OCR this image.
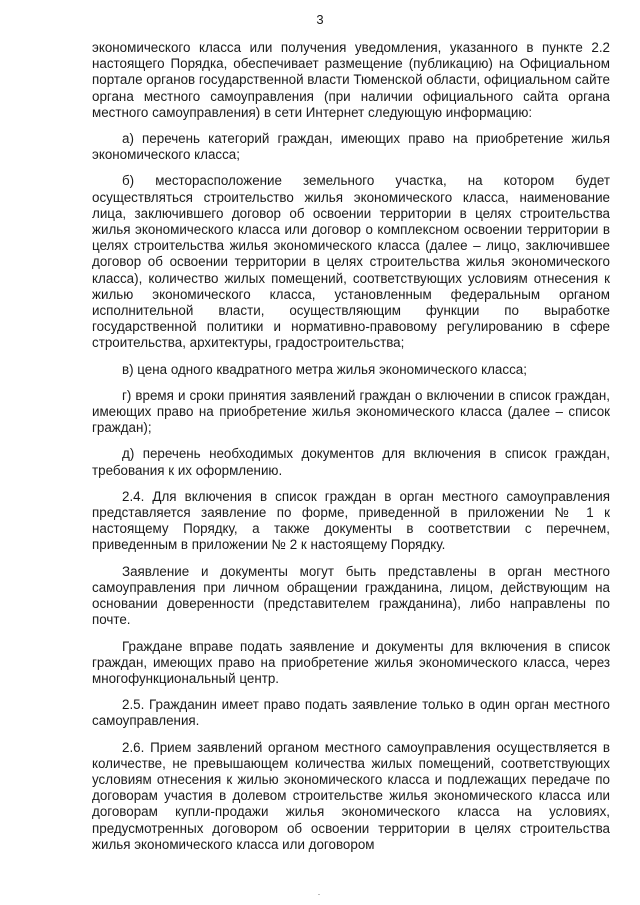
3

экономического класса или получения уведомления, указанного в пункте 2.2 настоящего Порядка, обеспечивает размещение (публикацию) на Официальном портале органов государственной власти Тюменской области, официальном сайте органа местного самоуправления (при наличии официального сайта органа местного самоуправления) в сети Интернет следующую информацию:

а) перечень категорий граждан, имеющих право на приобретение жилья экономического класса;

б) месторасположение земельного участка, на котором будет осуществляться строительство жилья экономического класса, наименование лица, заключившего договор об освоении территории в целях строительства жилья экономического класса или договор о комплексном освоении территории в целях строительства жилья экономического класса (далее – лицо, заключившее договор об освоении территории в целях строительства жилья экономического класса), количество жилых помещений, соответствующих условиям отнесения к жилью экономического класса, установленным федеральным органом исполнительной власти, осуществляющим функции по выработке государственной политики и нормативно-правовому регулированию в сфере строительства, архитектуры, градостроительства;

в) цена одного квадратного метра жилья экономического класса;

г) время и сроки принятия заявлений граждан о включении в список граждан, имеющих право на приобретение жилья экономического класса (далее – список граждан);

д) перечень необходимых документов для включения в список граждан, требования к их оформлению.

2.4. Для включения в список граждан в орган местного самоуправления представляется заявление по форме, приведенной в приложении № 1 к настоящему Порядку, а также документы в соответствии с перечнем, приведенным в приложении № 2 к настоящему Порядку.

Заявление и документы могут быть представлены в орган местного самоуправления при личном обращении гражданина, лицом, действующим на основании доверенности (представителем гражданина), либо направлены по почте.

Граждане вправе подать заявление и документы для включения в список граждан, имеющих право на приобретение жилья экономического класса, через многофункциональный центр.

2.5. Гражданин имеет право подать заявление только в один орган местного самоуправления.

2.6. Прием заявлений органом местного самоуправления осуществляется в количестве, не превышающем количества жилых помещений, соответствующих условиям отнесения к жилью экономического класса и подлежащих передаче по договорам участия в долевом строительстве жилья экономического класса или договорам купли-продажи жилья экономического класса на условиях, предусмотренных договором об освоении территории в целях строительства жилья экономического класса или договором
